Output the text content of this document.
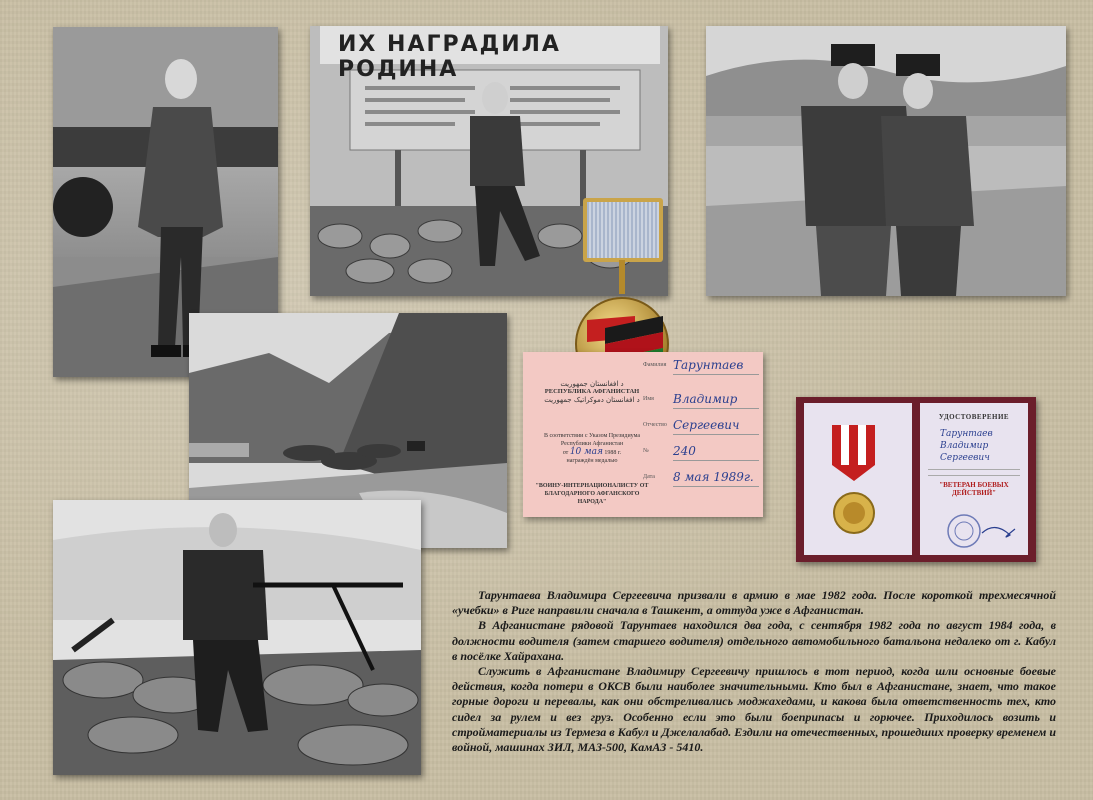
ИХ НАГРАДИЛА РОДИНА
د افغانستان جمهوریت
РЕСПУБЛИКА АФГАНИСТАН
د افغانستان دموکراتیک جمهوریت
Фамилия Тарунтаев
Имя	Владимир
Отчество Сергеевич
№	240
Дата	8 мая 1989г.
В соответствии с Указом Президиума Республики Афганистан
от 10 мая 1988 г.
награждён медалью
"ВОИНУ-ИНТЕРНАЦИОНАЛИСТУ ОТ БЛАГОДАРНОГО АФГАНСКОГО НАРОДА"
УДОСТОВЕРЕНИЕ
Тарунтаев
Владимир
Сергеевич
"ВЕТЕРАН БОЕВЫХ ДЕЙСТВИЙ"

Тарунтаева Владимира Сергеевича призвали в армию в мае 1982 года. После короткой трехмесячной «учебки» в Риге направили сначала в Ташкент, а оттуда уже в Афганистан.

В Афганистане рядовой Тарунтаев находился два года, с сентября 1982 года по август 1984 года, в должности водителя (затем старшего водителя) отдельного автомобильного батальона недалеко от г. Кабул в посёлке Хайрахана.

Служить в Афганистане Владимиру Сергеевичу пришлось в тот период, когда шли основные боевые действия, когда потери в ОКСВ были наиболее значительными. Кто был в Афганистане, знает, что такое горные дороги и перевалы, как они обстреливались моджахедами, и какова была ответственность тех, кто сидел за рулем и вез груз. Особенно если это были боеприпасы и горючее. Приходилось возить и стройматериалы из Термеза в Кабул и Джелалабад. Ездили на отечественных, прошедших проверку временем и войной, машинах ЗИЛ, МАЗ-500, КамАЗ - 5410.
